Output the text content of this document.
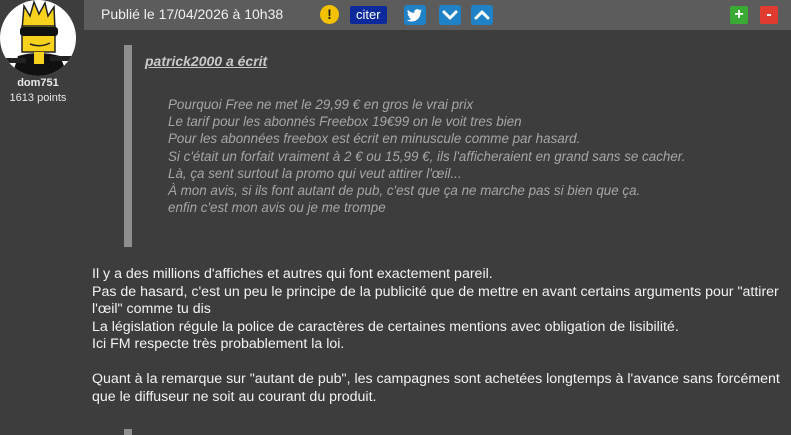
dom751
1613 points
Publié le 17/04/2026 à 10h38	!	citer	+	-
patrick2000 a écrit
Pourquoi Free ne met le 29,99 € en gros le vrai prix
Le tarif pour les abonnés Freebox 19€99 on le voit tres bien
Pour les abonnées freebox est écrit en minuscule comme par hasard.
Si c'était un forfait vraiment à 2 € ou 15,99 €, ils l'afficheraient en grand sans se cacher.
Là, ça sent surtout la promo qui veut attirer l'œil...
À mon avis, si ils font autant de pub, c'est que ça ne marche pas si bien que ça.
enfin c'est mon avis ou je me trompe

Il y a des millions d'affiches et autres qui font exactement pareil.
Pas de hasard, c'est un peu le principe de la publicité que de mettre en avant certains arguments pour "attirer l'œil" comme tu dis
La législation régule la police de caractères de certaines mentions avec obligation de lisibilité.
Ici FM respecte très probablement la loi.

Quant à la remarque sur "autant de pub", les campagnes sont achetées longtemps à l'avance sans forcément que le diffuseur ne soit au courant du produit.
